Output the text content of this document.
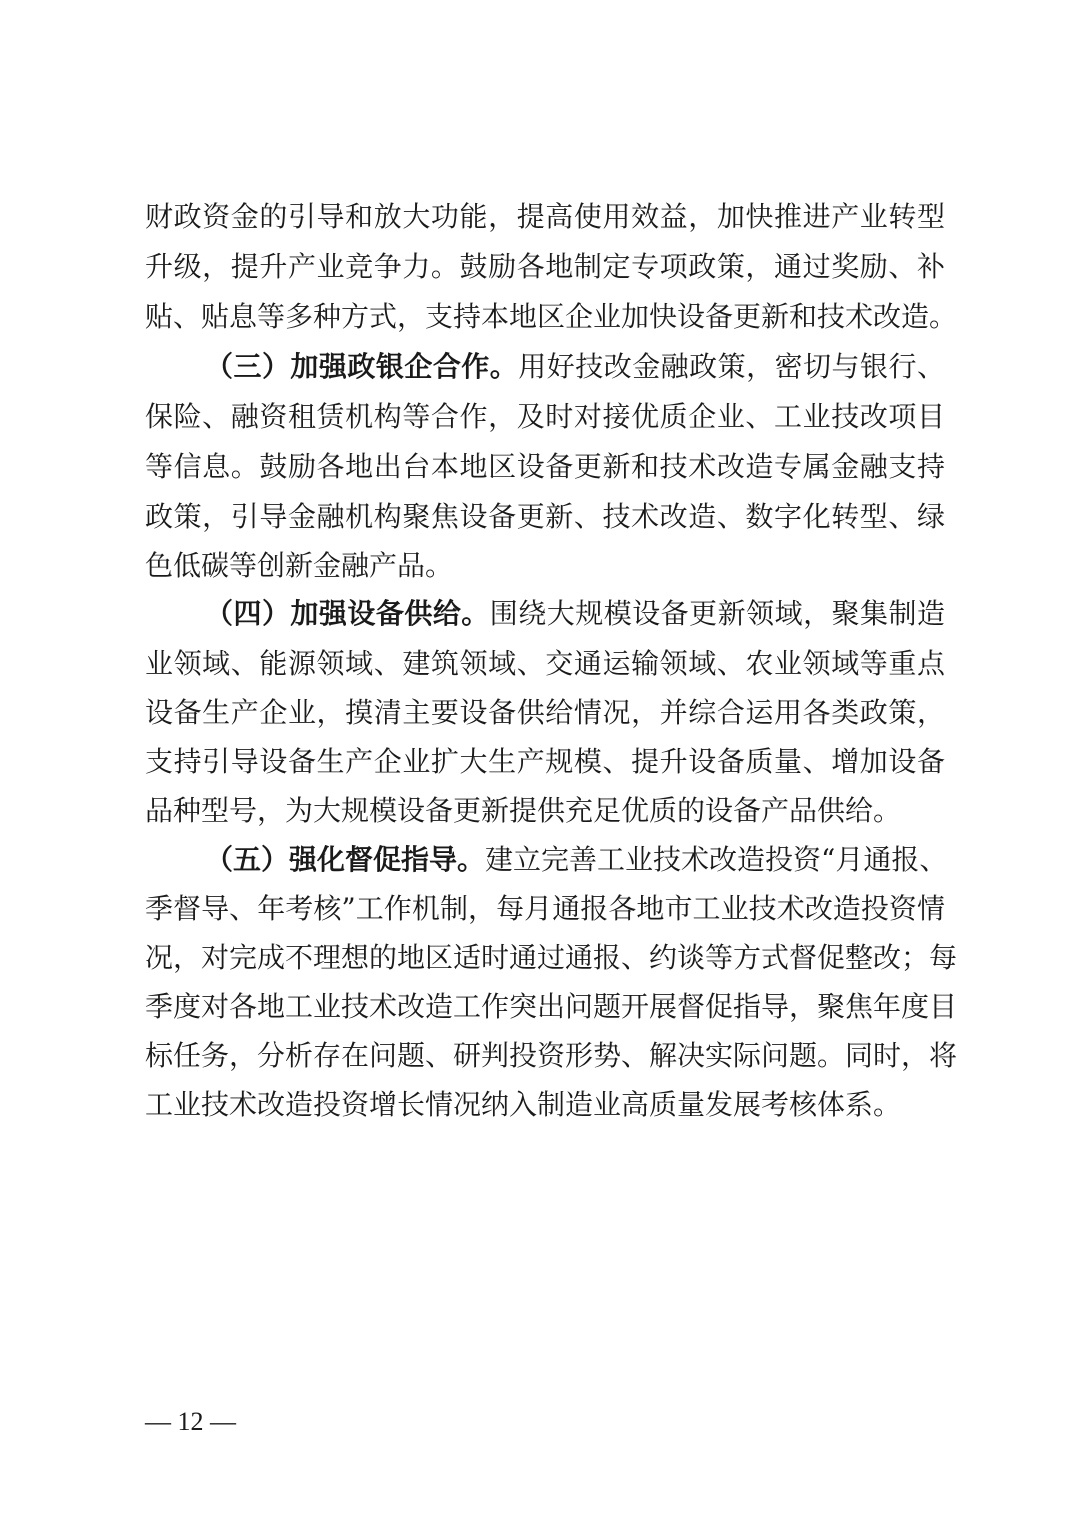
财政资金的引导和放大功能，提高使用效益，加快推进产业转型
升级，提升产业竞争力。鼓励各地制定专项政策，通过奖励、补
贴、贴息等多种方式，支持本地区企业加快设备更新和技术改造。
（三）加强政银企合作。用好技改金融政策，密切与银行、
保险、融资租赁机构等合作，及时对接优质企业、工业技改项目
等信息。鼓励各地出台本地区设备更新和技术改造专属金融支持
政策，引导金融机构聚焦设备更新、技术改造、数字化转型、绿
色低碳等创新金融产品。
（四）加强设备供给。围绕大规模设备更新领域，聚集制造
业领域、能源领域、建筑领域、交通运输领域、农业领域等重点
设备生产企业，摸清主要设备供给情况，并综合运用各类政策，
支持引导设备生产企业扩大生产规模、提升设备质量、增加设备
品种型号，为大规模设备更新提供充足优质的设备产品供给。
（五）强化督促指导。建立完善工业技术改造投资“月通报、
季督导、年考核”工作机制，每月通报各地市工业技术改造投资情
况，对完成不理想的地区适时通过通报、约谈等方式督促整改；每
季度对各地工业技术改造工作突出问题开展督促指导，聚焦年度目
标任务，分析存在问题、研判投资形势、解决实际问题。同时，将
工业技术改造投资增长情况纳入制造业高质量发展考核体系。
— 12 —
